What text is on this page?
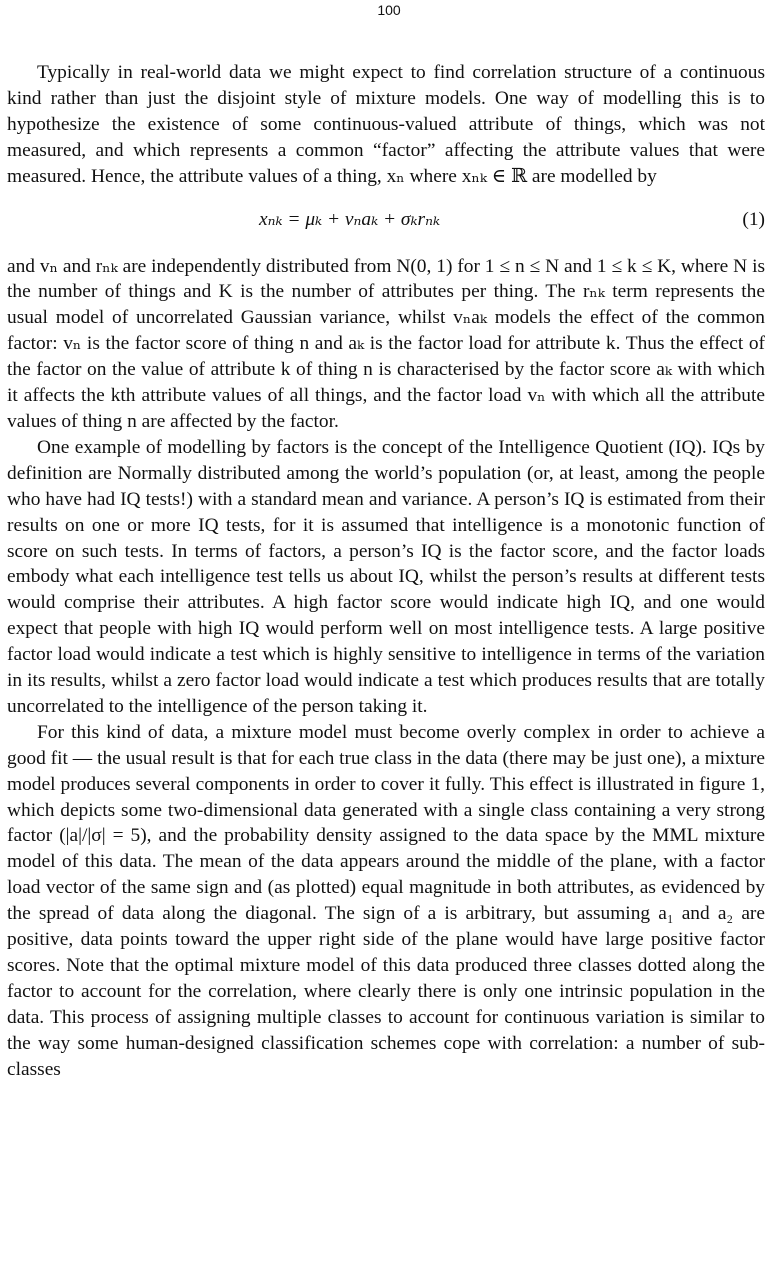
100

Typically in real-world data we might expect to find correlation structure of a continuous kind rather than just the disjoint style of mixture models. One way of modelling this is to hypothesize the existence of some continuous-valued attribute of things, which was not measured, and which represents a common “factor” affecting the attribute values that were measured. Hence, the attribute values of a thing, xₙ where xₙₖ ∈ ℝ are modelled by

xₙₖ = μₖ + vₙaₖ + σₖrₙₖ	(1)

and vₙ and rₙₖ are independently distributed from N(0, 1) for 1 ≤ n ≤ N and 1 ≤ k ≤ K, where N is the number of things and K is the number of attributes per thing. The rₙₖ term represents the usual model of uncorrelated Gaussian variance, whilst vₙaₖ models the effect of the common factor: vₙ is the factor score of thing n and aₖ is the factor load for attribute k. Thus the effect of the factor on the value of attribute k of thing n is characterised by the factor score aₖ with which it affects the kth attribute values of all things, and the factor load vₙ with which all the attribute values of thing n are affected by the factor.

One example of modelling by factors is the concept of the Intelligence Quotient (IQ). IQs by definition are Normally distributed among the world’s population (or, at least, among the people who have had IQ tests!) with a standard mean and variance. A person’s IQ is estimated from their results on one or more IQ tests, for it is assumed that intelligence is a monotonic function of score on such tests. In terms of factors, a person’s IQ is the factor score, and the factor loads embody what each intelligence test tells us about IQ, whilst the person’s results at different tests would comprise their attributes. A high factor score would indicate high IQ, and one would expect that people with high IQ would perform well on most intelligence tests. A large positive factor load would indicate a test which is highly sensitive to intelligence in terms of the variation in its results, whilst a zero factor load would indicate a test which produces results that are totally uncorrelated to the intelligence of the person taking it.

For this kind of data, a mixture model must become overly complex in order to achieve a good fit — the usual result is that for each true class in the data (there may be just one), a mixture model produces several components in order to cover it fully. This effect is illustrated in figure 1, which depicts some two-dimensional data generated with a single class containing a very strong factor (|a|/|σ| = 5), and the probability density assigned to the data space by the MML mixture model of this data. The mean of the data appears around the middle of the plane, with a factor load vector of the same sign and (as plotted) equal magnitude in both attributes, as evidenced by the spread of data along the diagonal. The sign of a is arbitrary, but assuming a₁ and a₂ are positive, data points toward the upper right side of the plane would have large positive factor scores. Note that the optimal mixture model of this data produced three classes dotted along the factor to account for the correlation, where clearly there is only one intrinsic population in the data. This process of assigning multiple classes to account for continuous variation is similar to the way some human-designed classification schemes cope with correlation: a number of sub-classes
